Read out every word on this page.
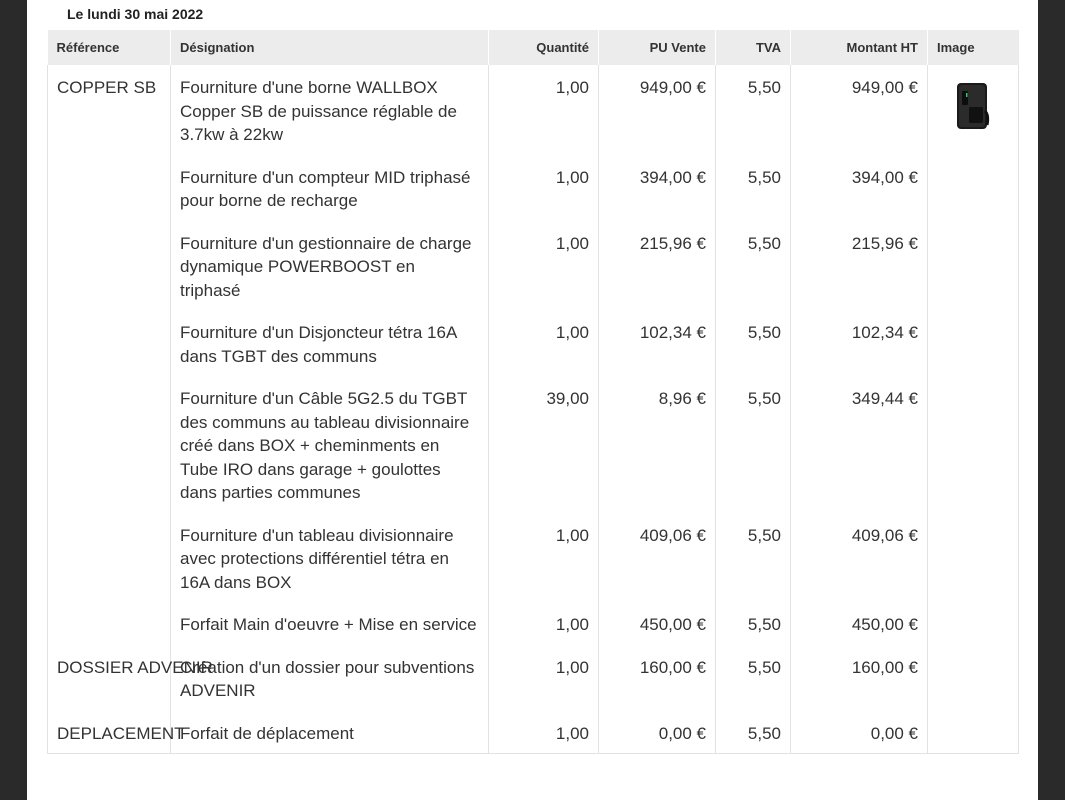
Le lundi 30 mai 2022
Référence	Désignation	Quantité	PU Vente	TVA	Montant HT	Image
COPPER SB	Fourniture d'une borne WALLBOX
Copper SB de puissance réglable de
3.7kw à 22kw	1,00	949,00 €	5,50	949,00 €	
	Fourniture d'un compteur MID triphasé
pour borne de recharge	1,00	394,00 €	5,50	394,00 €	
	Fourniture d'un gestionnaire de charge
dynamique POWERBOOST en
triphasé	1,00	215,96 €	5,50	215,96 €	
	Fourniture d'un Disjoncteur tétra 16A
dans TGBT des communs	1,00	102,34 €	5,50	102,34 €	
	Fourniture d'un Câble 5G2.5 du TGBT
des communs au tableau divisionnaire
créé dans BOX + cheminments en
Tube IRO dans garage + goulottes
dans parties communes	39,00	8,96 €	5,50	349,44 €	
	Fourniture d'un tableau divisionnaire
avec protections différentiel tétra en
16A dans BOX	1,00	409,06 €	5,50	409,06 €	
	Forfait Main d'oeuvre + Mise en service	1,00	450,00 €	5,50	450,00 €	
DOSSIER ADVENIR	Création d'un dossier pour subventions
ADVENIR	1,00	160,00 €	5,50	160,00 €	
DEPLACEMENT	Forfait de déplacement	1,00	0,00 €	5,50	0,00 €	
